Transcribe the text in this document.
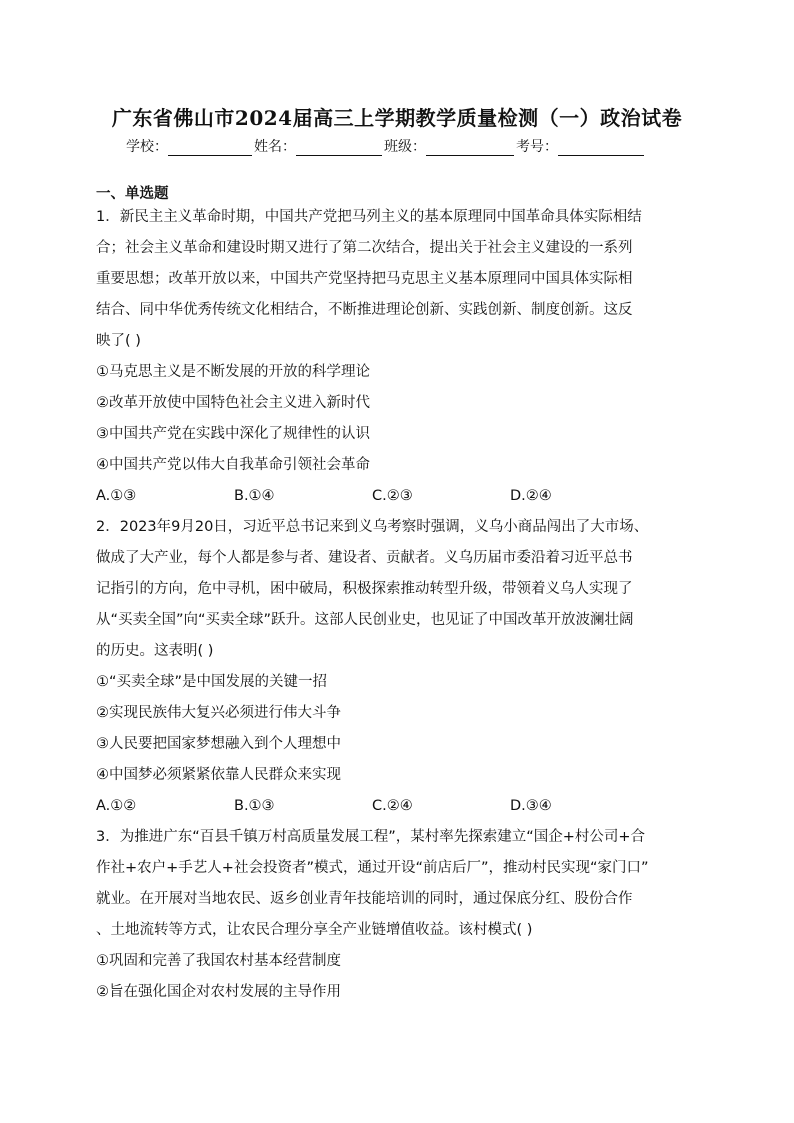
广东省佛山市2024届高三上学期教学质量检测（一）政治试卷
学校：	姓名：	班级：	考号：
一、单选题
1．新民主主义革命时期，中国共产党把马列主义的基本原理同中国革命具体实际相结
合；社会主义革命和建设时期又进行了第二次结合，提出关于社会主义建设的一系列
重要思想；改革开放以来，中国共产党坚持把马克思主义基本原理同中国具体实际相
结合、同中华优秀传统文化相结合，不断推进理论创新、实践创新、制度创新。这反
映了( )
①马克思主义是不断发展的开放的科学理论
②改革开放使中国特色社会主义进入新时代
③中国共产党在实践中深化了规律性的认识
④中国共产党以伟大自我革命引领社会革命
A.①③	B.①④	C.②③	D.②④
2．2023年9月20日，习近平总书记来到义乌考察时强调，义乌小商品闯出了大市场、
做成了大产业，每个人都是参与者、建设者、贡献者。义乌历届市委沿着习近平总书
记指引的方向，危中寻机，困中破局，积极探索推动转型升级，带领着义乌人实现了
从“买卖全国”向“买卖全球”跃升。这部人民创业史，也见证了中国改革开放波澜壮阔
的历史。这表明( )
①“买卖全球”是中国发展的关键一招
②实现民族伟大复兴必须进行伟大斗争
③人民要把国家梦想融入到个人理想中
④中国梦必须紧紧依靠人民群众来实现
A.①②	B.①③	C.②④	D.③④
3．为推进广东“百县千镇万村高质量发展工程”，某村率先探索建立“国企+村公司+合
作社+农户+手艺人+社会投资者”模式，通过开设“前店后厂”，推动村民实现“家门口”
就业。在开展对当地农民、返乡创业青年技能培训的同时，通过保底分红、股份合作
、土地流转等方式，让农民合理分享全产业链增值收益。该村模式( )
①巩固和完善了我国农村基本经营制度
②旨在强化国企对农村发展的主导作用
